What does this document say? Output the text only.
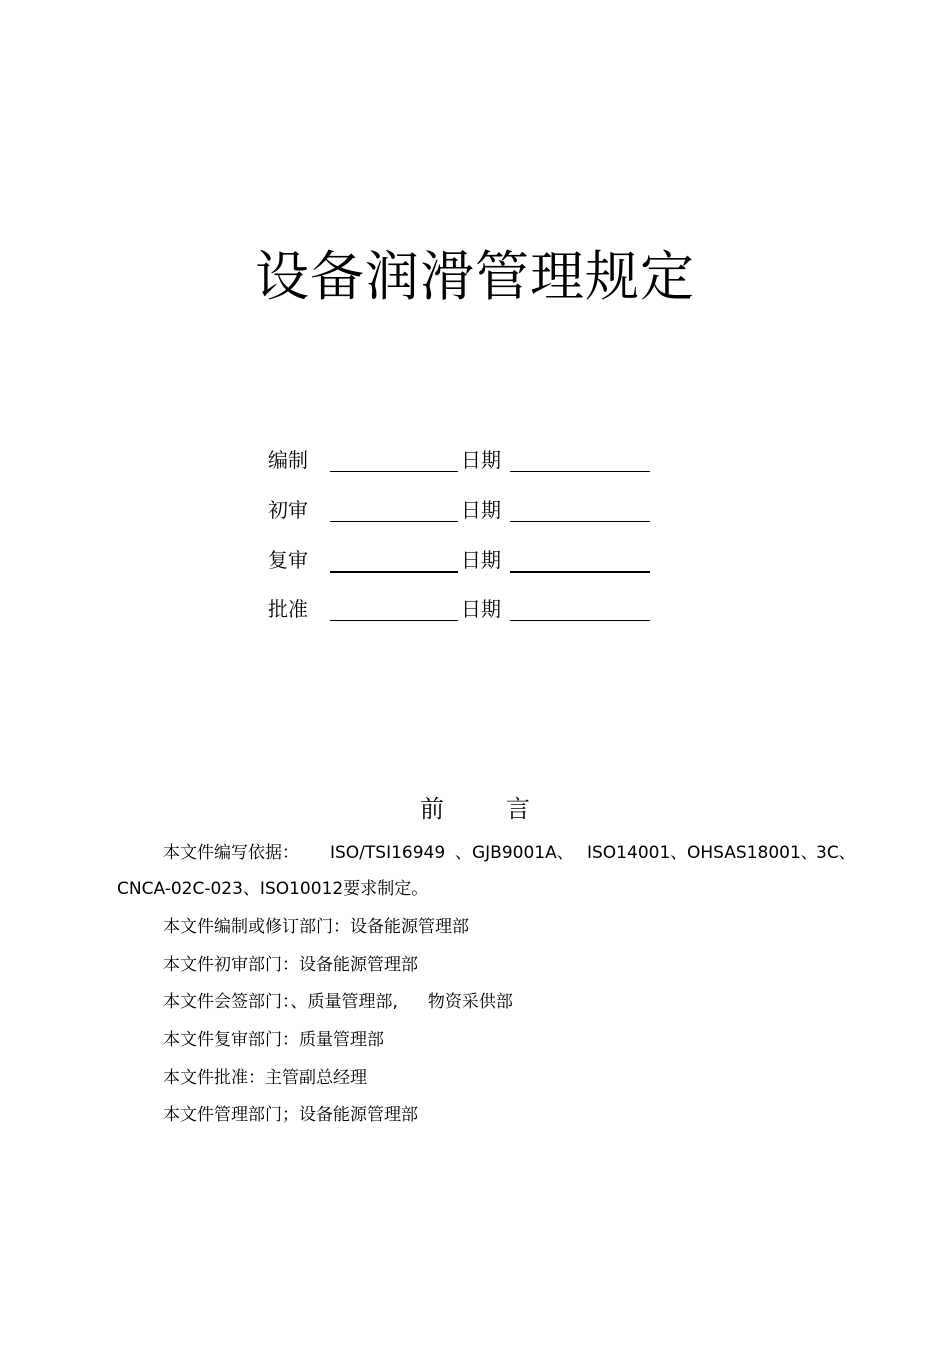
设备润滑管理规定
编制	日期
初审	日期
复审	日期
批准	日期
前	言
本文件编写依据： ISO/TSI16949 、GJB9001A、 ISO14001、 OHSAS18001、
3C、
CNCA-02C-023、ISO10012要求制定。
本文件编制或修订部门：设备能源管理部
本文件初审部门：设备能源管理部
本文件会签部门：、质量管理部, 物资采供部
本文件复审部门：质量管理部
本文件批准：主管副总经理
本文件管理部门；设备能源管理部
